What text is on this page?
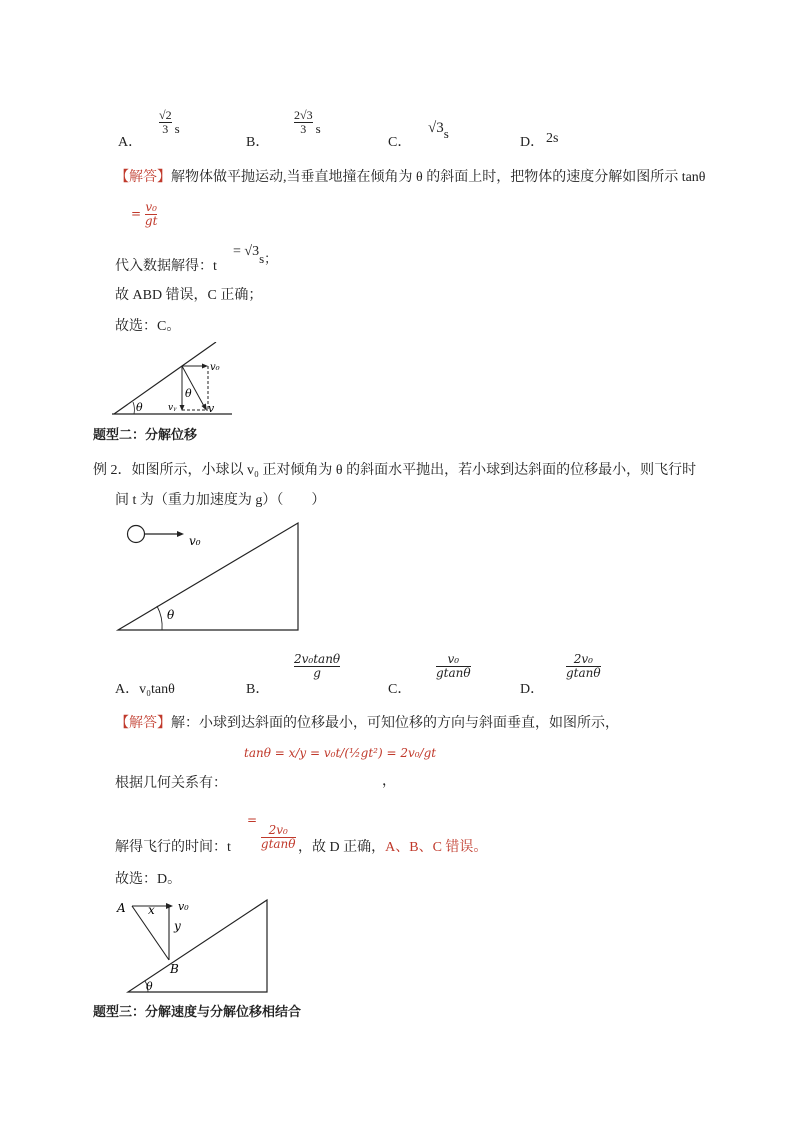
A．
$\frac{√2}{3}$ s
B．
$\frac{2√3}{3}$ s
C．
√3s
D． 2s
【解答】解物体做平抛运动,当垂直地撞在倾角为 θ 的斜面上时，把物体的速度分解如图所示 tanθ
= $\frac{\text{v₀}}{gt}$
代入数据解得：t
= √3s；
故 ABD 错误，C 正确；
故选：C。
v₀
θ
θ
vᵧ	v
题型二：分解位移
例 2．如图所示，小球以 v₀ 正对倾角为 θ 的斜面水平抛出，若小球到达斜面的位移最小，则飞行时
间 t 为（重力加速度为 g）（　　）
v₀
θ
A．v₀tanθ	B．
$\frac{\text{2v₀tanθ}}{g}$
C．
$\frac{\text{v₀}}{gtan\theta}$
D．
$\frac{\text{2v₀}}{gtan\theta}$
【解答】解：小球到达斜面的位移最小，可知位移的方向与斜面垂直，如图所示，
根据几何关系有：
tanθ = x/y = v₀t/(½gt²) = 2v₀/gt
，
解得飞行的时间：t
=
$\frac{\text{2v₀}}{gtan\theta}$ ，故 D 正确，A、B、C 错误。
故选：D。
A x v₀
y
B
θ
题型三：分解速度与分解位移相结合
